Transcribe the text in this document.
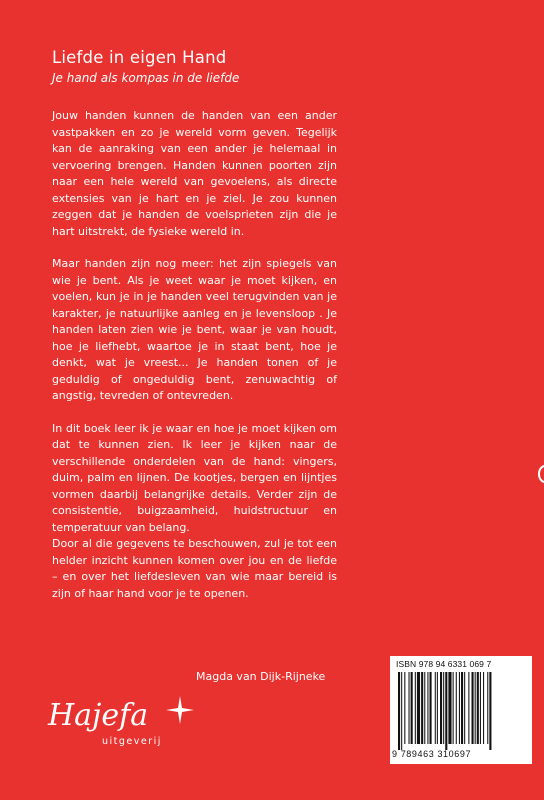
Liefde in eigen Hand
Je hand als kompas in de liefde

Jouw handen kunnen de handen van een ander vastpakken en zo je wereld vorm geven. Tegelijk kan de aanraking van een ander je helemaal in vervoering brengen. Handen kunnen poorten zijn naar een hele wereld van gevoelens, als directe extensies van je hart en je ziel. Je zou kunnen zeggen dat je handen de voelsprieten zijn die je hart uitstrekt, de fysieke wereld in.

Maar handen zijn nog meer: het zijn spiegels van wie je bent. Als je weet waar je moet kijken, en voelen, kun je in je handen veel terugvinden van je karakter, je natuurlijke aanleg en je levensloop . Je handen laten zien wie je bent, waar je van houdt, hoe je liefhebt, waartoe je in staat bent, hoe je denkt, wat je vreest... Je handen tonen of je geduldig of ongeduldig bent, zenuwachtig of angstig, tevreden of ontevreden.

In dit boek leer ik je waar en hoe je moet kijken om dat te kunnen zien. Ik leer je kijken naar de verschillende onderdelen van de hand: vingers, duim, palm en lijnen. De kootjes, bergen en lijntjes vormen daarbij belangrijke details. Verder zijn de consistentie, buigzaamheid, huidstructuur en temperatuur van belang.

Door al die gegevens te beschouwen, zul je tot een helder inzicht kunnen komen over jou en de liefde – en over het liefdesleven van wie maar bereid is zijn of haar hand voor je te openen.

Magda van Dijk-Rijneke
Hajefa
uitgeverij
ISBN 978 94 6331 069 7
9 789463 310697
